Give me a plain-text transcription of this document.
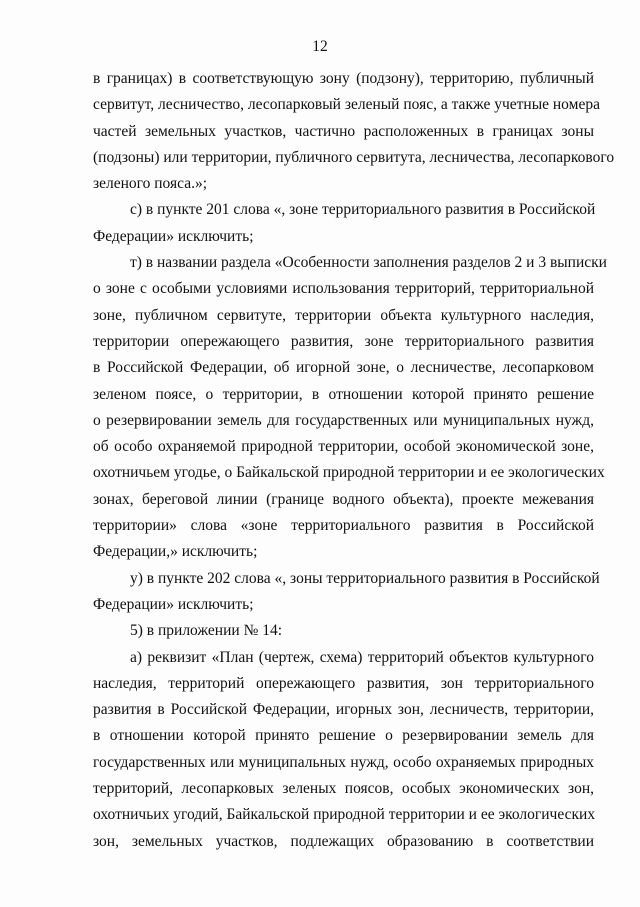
12
в границах) в соответствующую зону (подзону), территорию, публичный
сервитут, лесничество, лесопарковый зеленый пояс, а также учетные номера
частей земельных участков, частично расположенных в границах зоны
(подзоны) или территории, публичного сервитута, лесничества, лесопаркового
зеленого пояса.»;
с) в пункте 201 слова «, зоне территориального развития в Российской
Федерации» исключить;
т) в названии раздела «Особенности заполнения разделов 2 и 3 выписки
о зоне с особыми условиями использования территорий, территориальной
зоне, публичном сервитуте, территории объекта культурного наследия,
территории опережающего развития, зоне территориального развития
в Российской Федерации, об игорной зоне, о лесничестве, лесопарковом
зеленом поясе, о территории, в отношении которой принято решение
о резервировании земель для государственных или муниципальных нужд,
об особо охраняемой природной территории, особой экономической зоне,
охотничьем угодье, о Байкальской природной территории и ее экологических
зонах, береговой линии (границе водного объекта), проекте межевания
территории» слова «зоне территориального развития в Российской
Федерации,» исключить;
у) в пункте 202 слова «, зоны территориального развития в Российской
Федерации» исключить;
5) в приложении № 14:
а) реквизит «План (чертеж, схема) территорий объектов культурного
наследия, территорий опережающего развития, зон территориального
развития в Российской Федерации, игорных зон, лесничеств, территории,
в отношении которой принято решение о резервировании земель для
государственных или муниципальных нужд, особо охраняемых природных
территорий, лесопарковых зеленых поясов, особых экономических зон,
охотничьих угодий, Байкальской природной территории и ее экологических
зон, земельных участков, подлежащих образованию в соответствии
